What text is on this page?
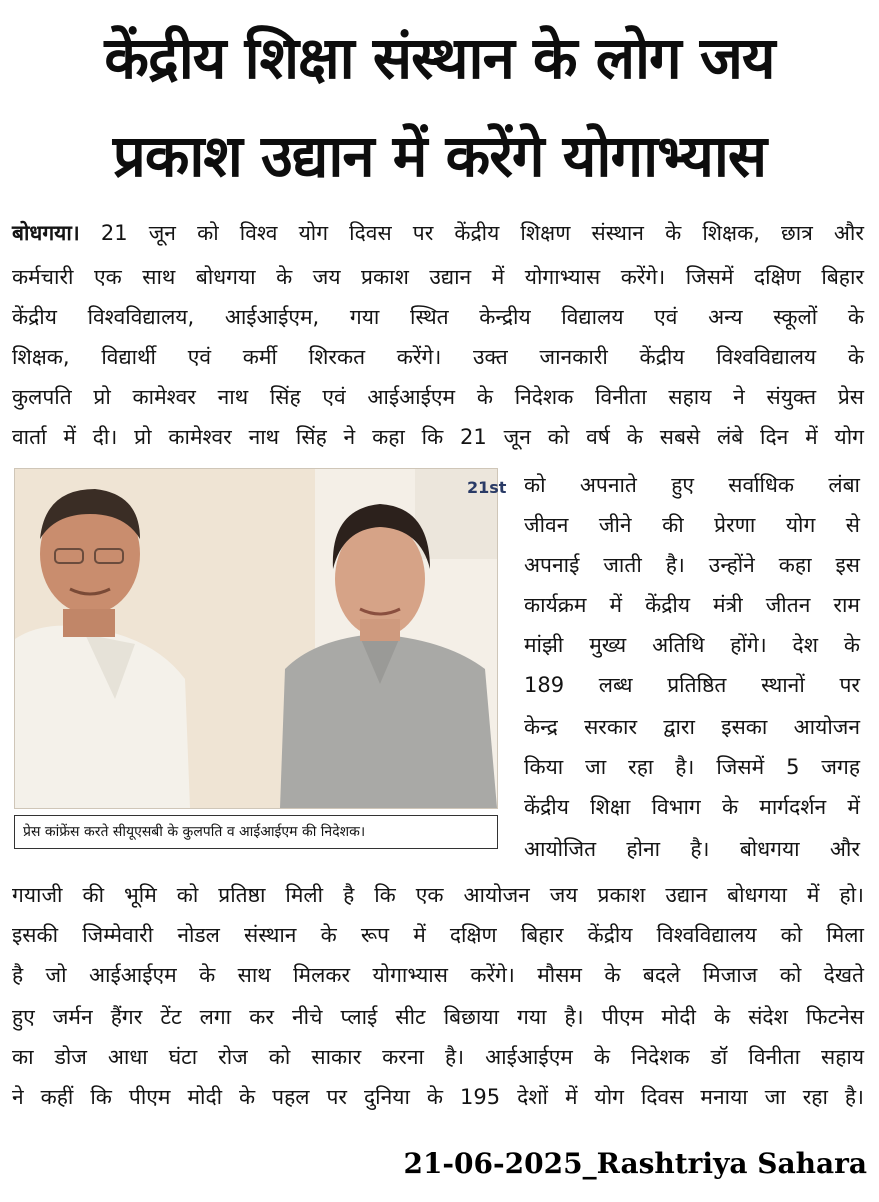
केंद्रीय शिक्षा संस्थान के लोग जय
प्रकाश उद्यान में करेंगे योगाभ्यास
बोधगया। 21 जून को विश्व योग दिवस पर केंद्रीय शिक्षण संस्थान के शिक्षक, छात्र और
कर्मचारी एक साथ बोधगया के जय प्रकाश उद्यान में योगाभ्यास करेंगे। जिसमें दक्षिण बिहार
केंद्रीय विश्वविद्यालय, आईआईएम, गया स्थित केन्द्रीय विद्यालय एवं अन्य स्कूलों के
शिक्षक, विद्यार्थी एवं कर्मी शिरकत करेंगे। उक्त जानकारी केंद्रीय विश्वविद्यालय के
कुलपति प्रो कामेश्वर नाथ सिंह एवं आईआईएम के निदेशक विनीता सहाय ने संयुक्त प्रेस
वार्ता में दी। प्रो कामेश्वर नाथ सिंह ने कहा कि 21 जून को वर्ष के सबसे लंबे दिन में योग
21st
प्रेस कांफ्रेंस करते सीयूएसबी के कुलपति व आईआईएम की निदेशक।
को अपनाते हुए सर्वाधिक लंबा
जीवन जीने की प्रेरणा योग से
अपनाई जाती है। उन्होंने कहा इस
कार्यक्रम में केंद्रीय मंत्री जीतन राम
मांझी मुख्य अतिथि होंगे। देश के
189 लब्ध प्रतिष्ठित स्थानों पर
केन्द्र सरकार द्वारा इसका आयोजन
किया जा रहा है। जिसमें 5 जगह
केंद्रीय शिक्षा विभाग के मार्गदर्शन में
आयोजित होना है। बोधगया और
गयाजी की भूमि को प्रतिष्ठा मिली है कि एक आयोजन जय प्रकाश उद्यान बोधगया में हो।
इसकी जिम्मेवारी नोडल संस्थान के रूप में दक्षिण बिहार केंद्रीय विश्वविद्यालय को मिला
है जो आईआईएम के साथ मिलकर योगाभ्यास करेंगे। मौसम के बदले मिजाज को देखते
हुए जर्मन हैंगर टेंट लगा कर नीचे प्लाई सीट बिछाया गया है। पीएम मोदी के संदेश फिटनेस
का डोज आधा घंटा रोज को साकार करना है। आईआईएम के निदेशक डॉ विनीता सहाय
ने कहीं कि पीएम मोदी के पहल पर दुनिया के 195 देशों में योग दिवस मनाया जा रहा है।
21-06-2025_Rashtriya Sahara
